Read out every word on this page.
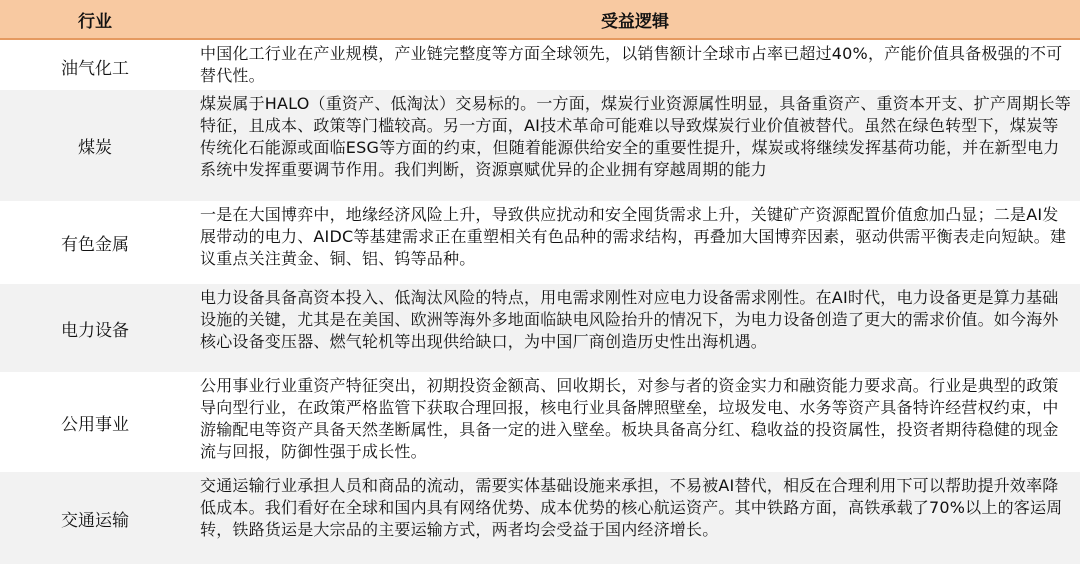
行业	受益逻辑
油气化工
中国化工行业在产业规模，产业链完整度等方面全球领先，以销售额计全球市占率已超过40%，产能价值具备极强的不可替代性。
煤炭
煤炭属于HALO（重资产、低淘汰）交易标的。一方面，煤炭行业资源属性明显，具备重资产、重资本开支、扩产周期长等特征，且成本、政策等门槛较高。另一方面，AI技术革命可能难以导致煤炭行业价值被替代。虽然在绿色转型下，煤炭等传统化石能源或面临ESG等方面的约束，但随着能源供给安全的重要性提升，煤炭或将继续发挥基荷功能，并在新型电力系统中发挥重要调节作用。我们判断，资源禀赋优异的企业拥有穿越周期的能力
有色金属
一是在大国博弈中，地缘经济风险上升，导致供应扰动和安全囤货需求上升，关键矿产资源配置价值愈加凸显；二是AI发展带动的电力、AIDC等基建需求正在重塑相关有色品种的需求结构，再叠加大国博弈因素，驱动供需平衡表走向短缺。建议重点关注黄金、铜、铝、钨等品种。
电力设备
电力设备具备高资本投入、低淘汰风险的特点，用电需求刚性对应电力设备需求刚性。在AI时代，电力设备更是算力基础设施的关键，尤其是在美国、欧洲等海外多地面临缺电风险抬升的情况下，为电力设备创造了更大的需求价值。如今海外核心设备变压器、燃气轮机等出现供给缺口，为中国厂商创造历史性出海机遇。
公用事业
公用事业行业重资产特征突出，初期投资金额高、回收期长，对参与者的资金实力和融资能力要求高。行业是典型的政策导向型行业，在政策严格监管下获取合理回报，核电行业具备牌照壁垒，垃圾发电、水务等资产具备特许经营权约束，中游输配电等资产具备天然垄断属性，具备一定的进入壁垒。板块具备高分红、稳收益的投资属性，投资者期待稳健的现金流与回报，防御性强于成长性。
交通运输
交通运输行业承担人员和商品的流动，需要实体基础设施来承担，不易被AI替代，相反在合理利用下可以帮助提升效率降低成本。我们看好在全球和国内具有网络优势、成本优势的核心航运资产。其中铁路方面，高铁承载了70%以上的客运周转，铁路货运是大宗品的主要运输方式，两者均会受益于国内经济增长。
